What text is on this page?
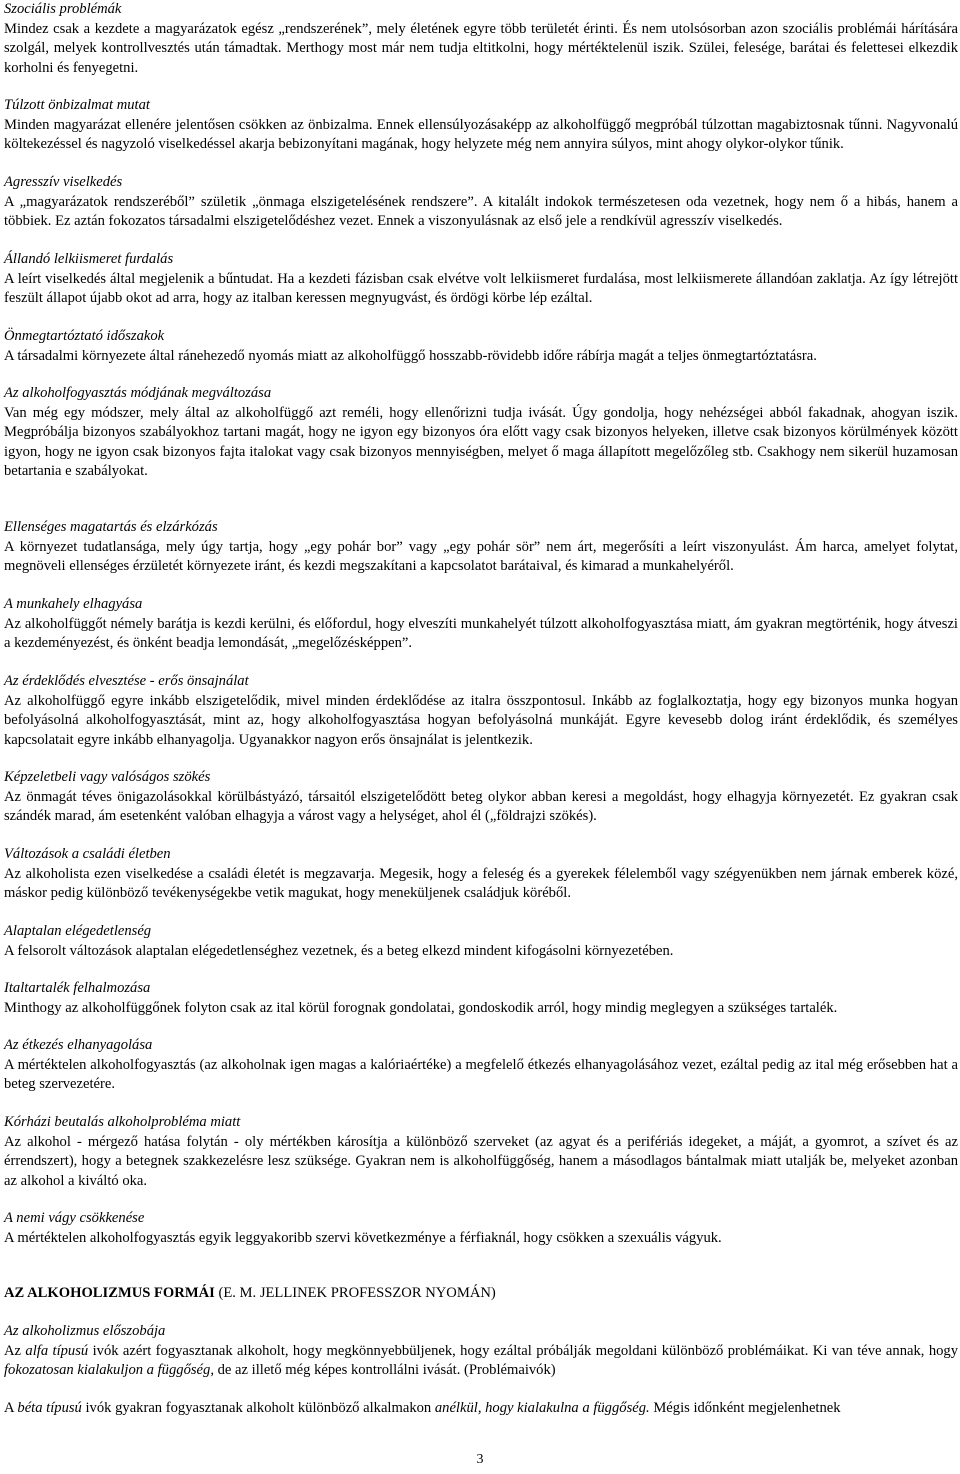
Szociális problémák

Mindez csak a kezdete a magyarázatok egész „rendszerének”, mely életének egyre több területét érinti. És nem utolsósorban azon szociális problémái hárítására szolgál, melyek kontrollvesztés után támadtak. Merthogy most már nem tudja eltitkolni, hogy mértéktelenül iszik. Szülei, felesége, barátai és felettesei elkezdik korholni és fenyegetni.

Túlzott önbizalmat mutat

Minden magyarázat ellenére jelentősen csökken az önbizalma. Ennek ellensúlyozásaképp az alkoholfüggő megpróbál túlzottan magabiztosnak tűnni. Nagyvonalú költekezéssel és nagyzoló viselkedéssel akarja bebizonyítani magának, hogy helyzete még nem annyira súlyos, mint ahogy olykor-olykor tűnik.

Agresszív viselkedés

A „magyarázatok rendszeréből” születik „önmaga elszigetelésének rendszere”. A kitalált indokok természetesen oda vezetnek, hogy nem ő a hibás, hanem a többiek. Ez aztán fokozatos társadalmi elszigetelődéshez vezet. Ennek a viszonyulásnak az első jele a rendkívül agresszív viselkedés.

Állandó lelkiismeret furdalás

A leírt viselkedés által megjelenik a bűntudat. Ha a kezdeti fázisban csak elvétve volt lelkiismeret furdalása, most lelkiismerete állandóan zaklatja. Az így létrejött feszült állapot újabb okot ad arra, hogy az italban keressen megnyugvást, és ördögi körbe lép ezáltal.

Önmegtartóztató időszakok

A társadalmi környezete által ránehezedő nyomás miatt az alkoholfüggő hosszabb-rövidebb időre rábírja magát a teljes önmegtartóztatásra.

Az alkoholfogyasztás módjának megváltozása

Van még egy módszer, mely által az alkoholfüggő azt reméli, hogy ellenőrizni tudja ivását. Úgy gondolja, hogy nehézségei abból fakadnak, ahogyan iszik. Megpróbálja bizonyos szabályokhoz tartani magát, hogy ne igyon egy bizonyos óra előtt vagy csak bizonyos helyeken, illetve csak bizonyos körülmények között igyon, hogy ne igyon csak bizonyos fajta italokat vagy csak bizonyos mennyiségben, melyet ő maga állapított megelőzőleg stb. Csakhogy nem sikerül huzamosan betartania e szabályokat.

Ellenséges magatartás és elzárkózás

A környezet tudatlansága, mely úgy tartja, hogy „egy pohár bor” vagy „egy pohár sör” nem árt, megerősíti a leírt viszonyulást. Ám harca, amelyet folytat, megnöveli ellenséges érzületét környezete iránt, és kezdi megszakítani a kapcsolatot barátaival, és kimarad a munkahelyéről.

A munkahely elhagyása

Az alkoholfüggőt némely barátja is kezdi kerülni, és előfordul, hogy elveszíti munkahelyét túlzott alkoholfogyasztása miatt, ám gyakran megtörténik, hogy átveszi a kezdeményezést, és önként beadja lemondását, „megelőzésképpen”.

Az érdeklődés elvesztése - erős önsajnálat

Az alkoholfüggő egyre inkább elszigetelődik, mivel minden érdeklődése az italra összpontosul. Inkább az foglalkoztatja, hogy egy bizonyos munka hogyan befolyásolná alkoholfogyasztását, mint az, hogy alkoholfogyasztása hogyan befolyásolná munkáját. Egyre kevesebb dolog iránt érdeklődik, és személyes kapcsolatait egyre inkább elhanyagolja. Ugyanakkor nagyon erős önsajnálat is jelentkezik.

Képzeletbeli vagy valóságos szökés

Az önmagát téves önigazolásokkal körülbástyázó, társaitól elszigetelődött beteg olykor abban keresi a megoldást, hogy elhagyja környezetét. Ez gyakran csak szándék marad, ám esetenként valóban elhagyja a várost vagy a helységet, ahol él („földrajzi szökés).

Változások a családi életben

Az alkoholista ezen viselkedése a családi életét is megzavarja. Megesik, hogy a feleség és a gyerekek félelemből vagy szégyenükben nem járnak emberek közé, máskor pedig különböző tevékenységekbe vetik magukat, hogy meneküljenek családjuk köréből.

Alaptalan elégedetlenség

A felsorolt változások alaptalan elégedetlenséghez vezetnek, és a beteg elkezd mindent kifogásolni környezetében.

Italtartalék felhalmozása

Minthogy az alkoholfüggőnek folyton csak az ital körül forognak gondolatai, gondoskodik arról, hogy mindig meglegyen a szükséges tartalék.

Az étkezés elhanyagolása

A mértéktelen alkoholfogyasztás (az alkoholnak igen magas a kalóriaértéke) a megfelelő étkezés elhanyagolásához vezet, ezáltal pedig az ital még erősebben hat a beteg szervezetére.

Kórházi beutalás alkoholprobléma miatt

Az alkohol - mérgező hatása folytán - oly mértékben károsítja a különböző szerveket (az agyat és a perifériás idegeket, a máját, a gyomrot, a szívet és az érrendszert), hogy a betegnek szakkezelésre lesz szüksége. Gyakran nem is alkoholfüggőség, hanem a másodlagos bántalmak miatt utalják be, melyeket azonban az alkohol a kiváltó oka.

A nemi vágy csökkenése

A mértéktelen alkoholfogyasztás egyik leggyakoribb szervi következménye a férfiaknál, hogy csökken a szexuális vágyuk.

AZ ALKOHOLIZMUS FORMÁI (E. M. JELLINEK PROFESSZOR NYOMÁN)

Az alkoholizmus előszobája

Az alfa típusú ivók azért fogyasztanak alkoholt, hogy megkönnyebbüljenek, hogy ezáltal próbálják megoldani különböző problémáikat. Ki van téve annak, hogy fokozatosan kialakuljon a függőség, de az illető még képes kontrollálni ivását. (Problémaivók)

A béta típusú ivók gyakran fogyasztanak alkoholt különböző alkalmakon anélkül, hogy kialakulna a függőség. Mégis időnként megjelenhetnek

3
